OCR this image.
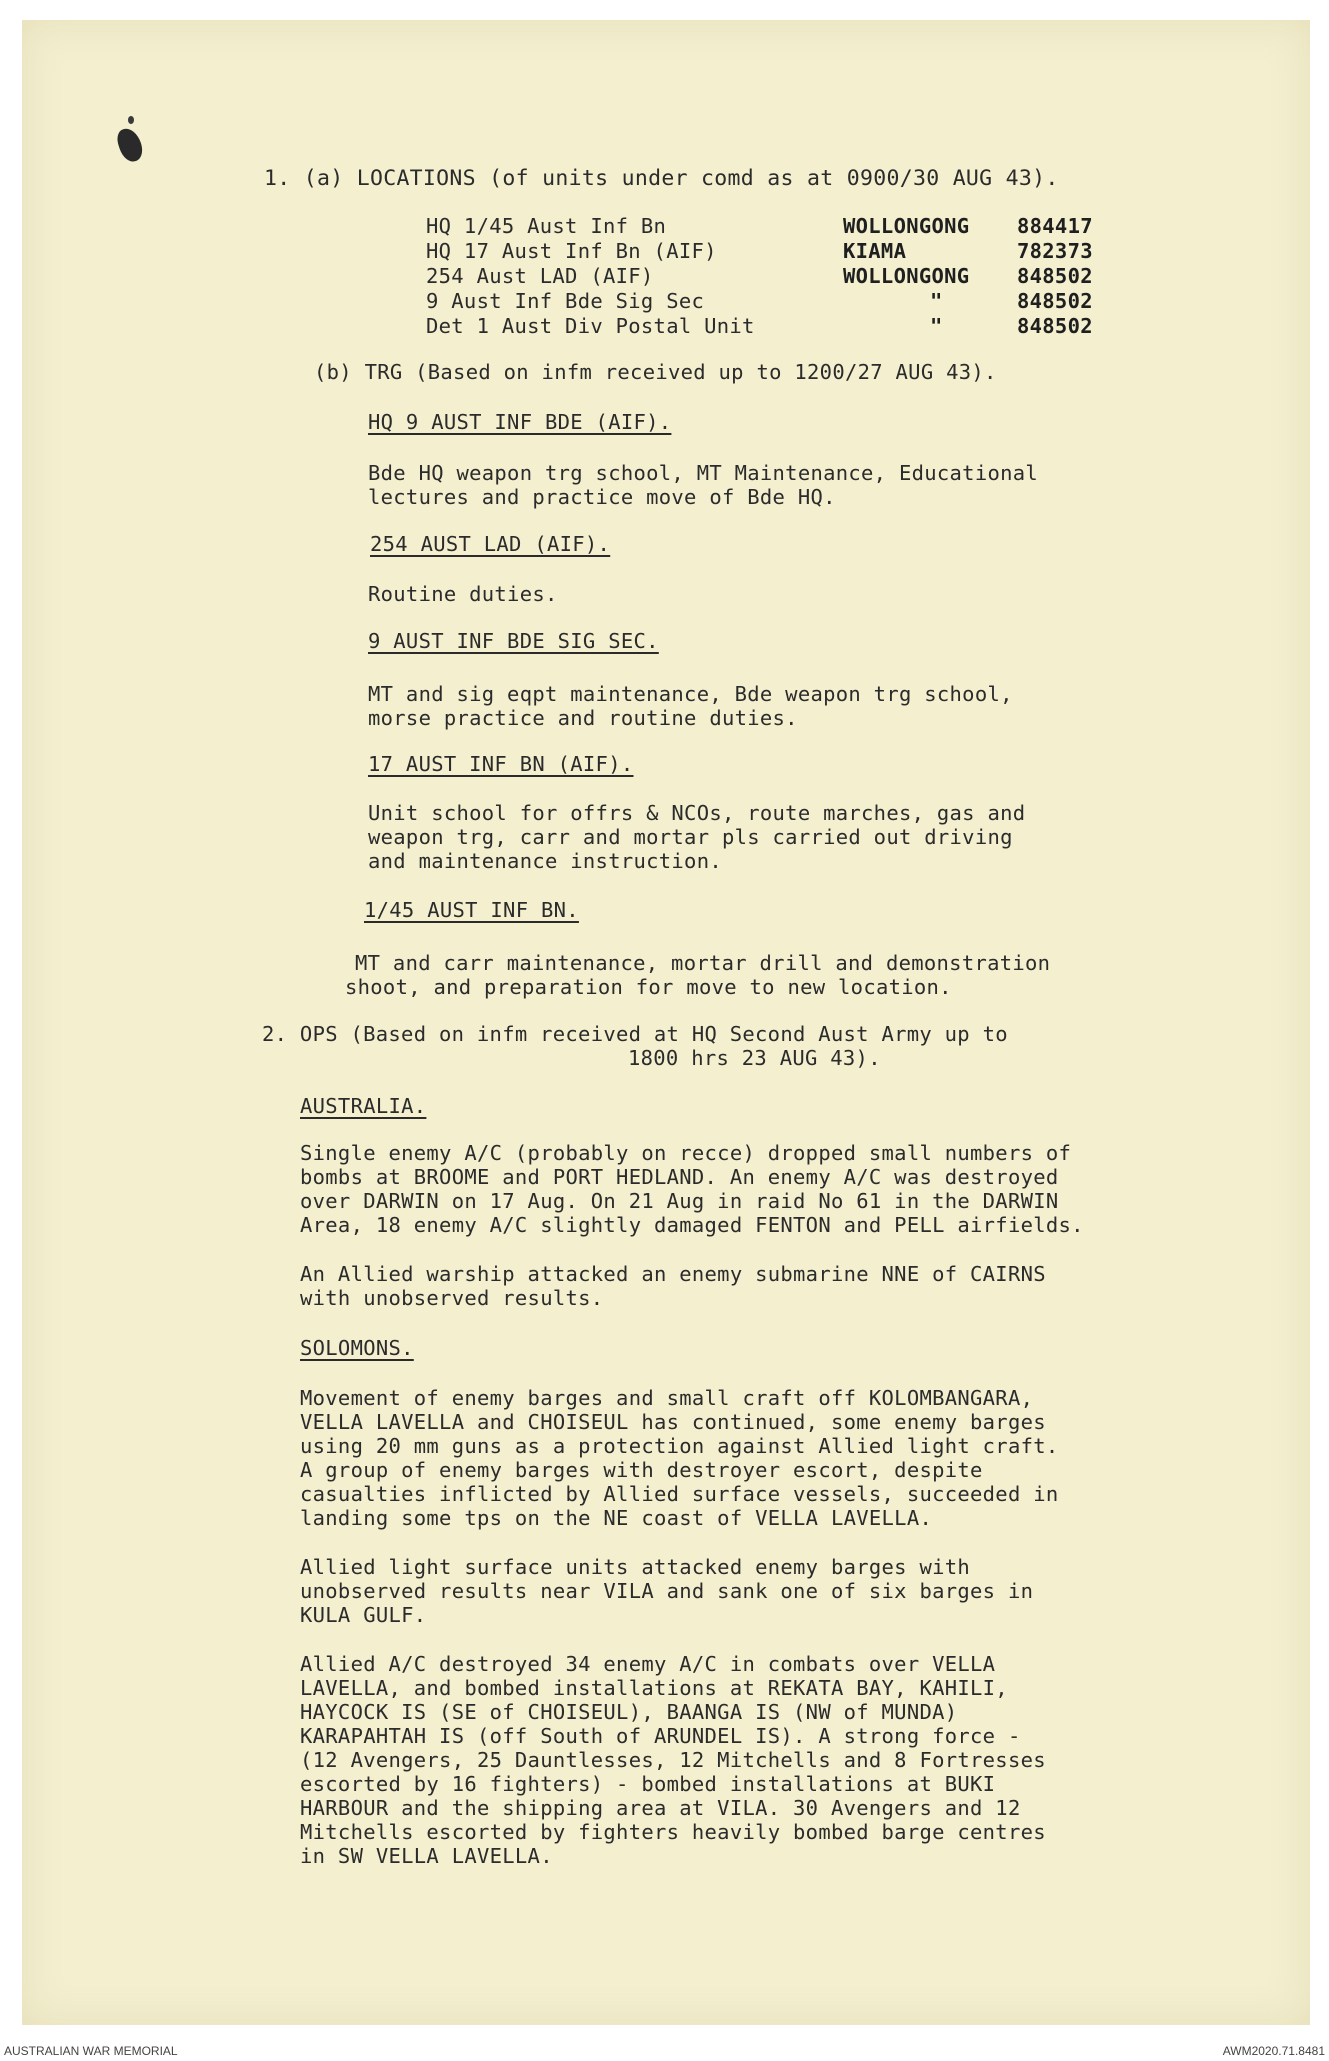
1. (a) LOCATIONS (of units under comd as at 0900/30 AUG 43).
HQ 1/45 Aust Inf Bn	WOLLONGONG 884417
HQ 17 Aust Inf Bn (AIF)	KIAMA	782373
254 Aust LAD (AIF)	WOLLONGONG 848502
9 Aust Inf Bde Sig Sec	"	848502
Det 1 Aust Div Postal Unit	"	848502
(b) TRG (Based on infm received up to 1200/27 AUG 43).
HQ 9 AUST INF BDE (AIF).
Bde HQ weapon trg school, MT Maintenance, Educational
lectures and practice move of Bde HQ.
254 AUST LAD (AIF).
Routine duties.
9 AUST INF BDE SIG SEC.
MT and sig eqpt maintenance, Bde weapon trg school,
morse practice and routine duties.
17 AUST INF BN (AIF).
Unit school for offrs & NCOs, route marches, gas and
weapon trg, carr and mortar pls carried out driving
and maintenance instruction.
1/45 AUST INF BN.
MT and carr maintenance, mortar drill and demonstration
shoot, and preparation for move to new location.
2. OPS (Based on infm received at HQ Second Aust Army up to
1800 hrs 23 AUG 43).
AUSTRALIA.
Single enemy A/C (probably on recce) dropped small numbers of
bombs at BROOME and PORT HEDLAND. An enemy A/C was destroyed
over DARWIN on 17 Aug. On 21 Aug in raid No 61 in the DARWIN
Area, 18 enemy A/C slightly damaged FENTON and PELL airfields.
An Allied warship attacked an enemy submarine NNE of CAIRNS
with unobserved results.
SOLOMONS.
Movement of enemy barges and small craft off KOLOMBANGARA,
VELLA LAVELLA and CHOISEUL has continued, some enemy barges
using 20 mm guns as a protection against Allied light craft.
A group of enemy barges with destroyer escort, despite
casualties inflicted by Allied surface vessels, succeeded in
landing some tps on the NE coast of VELLA LAVELLA.
Allied light surface units attacked enemy barges with
unobserved results near VILA and sank one of six barges in
KULA GULF.
Allied A/C destroyed 34 enemy A/C in combats over VELLA
LAVELLA, and bombed installations at REKATA BAY, KAHILI,
HAYCOCK IS (SE of CHOISEUL), BAANGA IS (NW of MUNDA)
KARAPAHTAH IS (off South of ARUNDEL IS). A strong force -
(12 Avengers, 25 Dauntlesses, 12 Mitchells and 8 Fortresses
escorted by 16 fighters) - bombed installations at BUKI
HARBOUR and the shipping area at VILA. 30 Avengers and 12
Mitchells escorted by fighters heavily bombed barge centres
in SW VELLA LAVELLA.
AUSTRALIAN WAR MEMORIAL	AWM2020.71.8481
